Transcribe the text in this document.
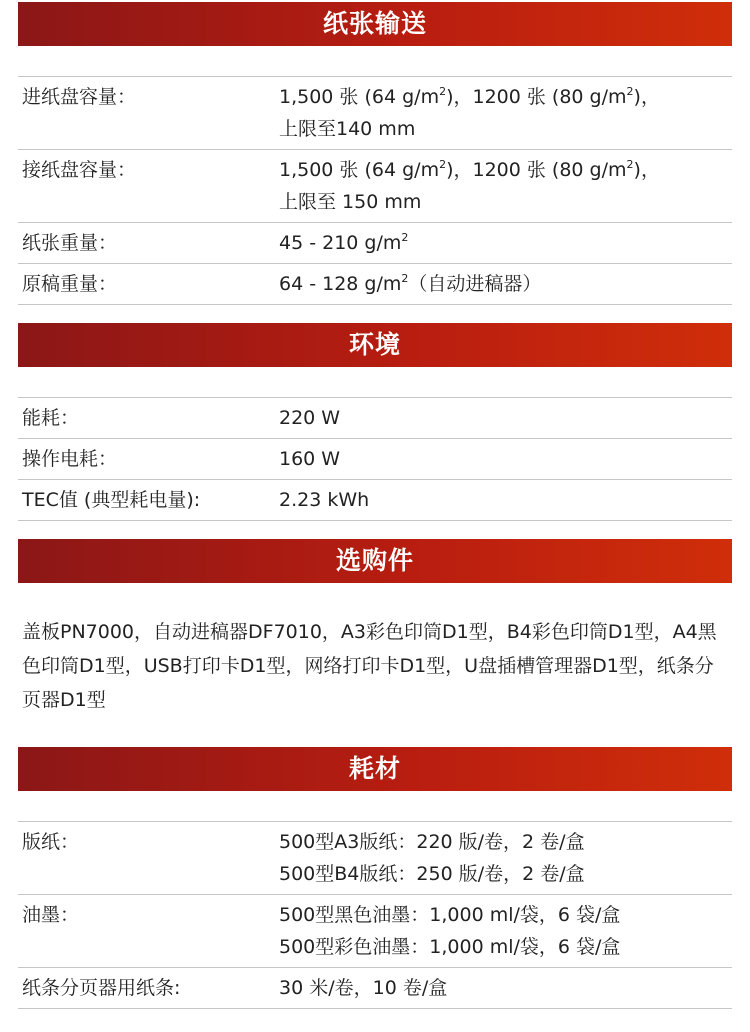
纸张输送
进纸盘容量：	1,500 张 (64 $g/m^2$)，1200 张 (80 $g/m^2$)，
上限至140 mm

接纸盘容量：	1,500 张 (64 $g/m^2$)，1200 张 (80 $g/m^2$)，
上限至 150 mm

纸张重量：	45 - 210 $g/m^2$
原稿重量：	64 - 128 $g/m^2$（自动进稿器）
环境
能耗：	220 W
操作电耗：	160 W
TEC值 (典型耗电量):	2.23 kWh
选购件
盖板PN7000，自动进稿器DF7010，A3彩色印筒D1型，B4彩色印筒D1型，A4黑色印筒D1型，USB打印卡D1型，网络打印卡D1型，U盘插槽管理器D1型，纸条分页器D1型
耗材
版纸：	500型A3版纸：220 版/卷，2 卷/盒
500型B4版纸：250 版/卷，2 卷/盒

油墨：	500型黑色油墨：1,000 ml/袋，6 袋/盒
500型彩色油墨：1,000 ml/袋，6 袋/盒

纸条分页器用纸条:	30 米/卷，10 卷/盒
